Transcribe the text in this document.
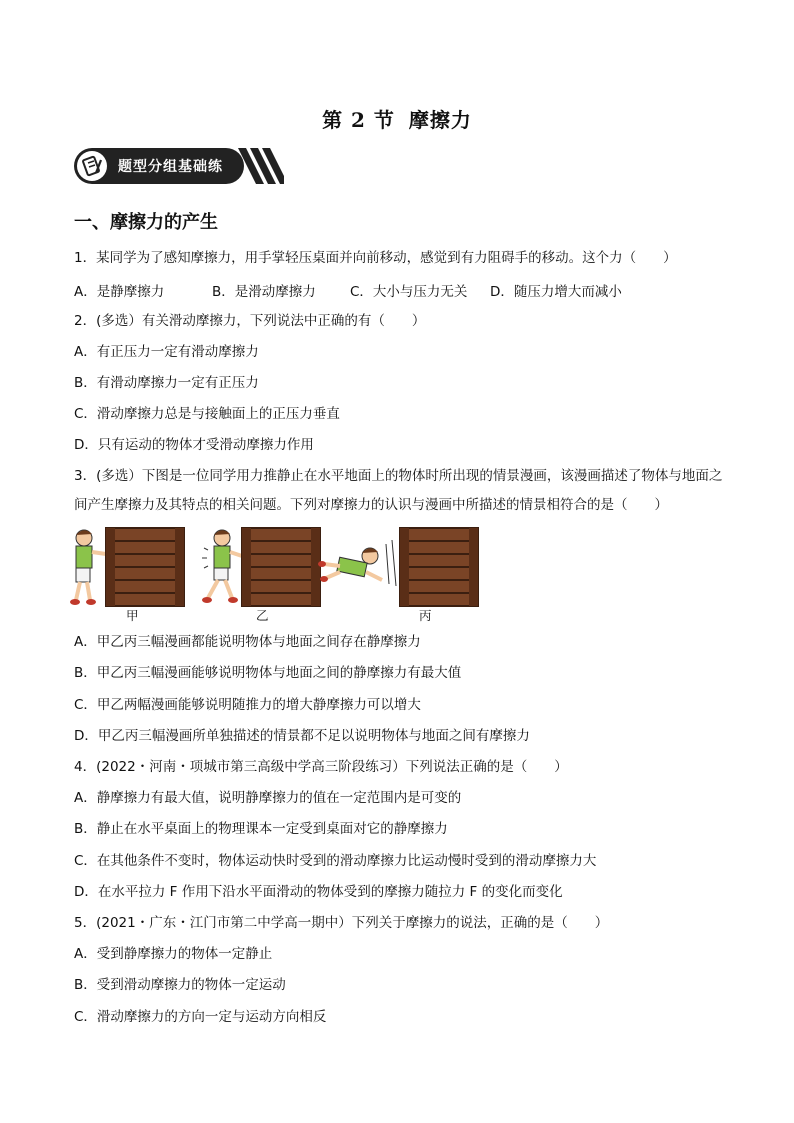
第 2 节 摩擦力
题型分组基础练
一、摩擦力的产生
1．某同学为了感知摩擦力，用手掌轻压桌面并向前移动，感觉到有力阻碍手的移动。这个力（　　）
A．是静摩擦力	B．是滑动摩擦力	C．大小与压力无关 D．随压力增大而减小
2．(多选）有关滑动摩擦力，下列说法中正确的有（　　）
A．有正压力一定有滑动摩擦力
B．有滑动摩擦力一定有正压力
C．滑动摩擦力总是与接触面上的正压力垂直
D．只有运动的物体才受滑动摩擦力作用
3．(多选）下图是一位同学用力推静止在水平地面上的物体时所出现的情景漫画，该漫画描述了物体与地面之间产生摩擦力及其特点的相关问题。下列对摩擦力的认识与漫画中所描述的情景相符合的是（　　）
甲	乙	丙
A．甲乙丙三幅漫画都能说明物体与地面之间存在静摩擦力
B．甲乙丙三幅漫画能够说明物体与地面之间的静摩擦力有最大值
C．甲乙两幅漫画能够说明随推力的增大静摩擦力可以增大
D．甲乙丙三幅漫画所单独描述的情景都不足以说明物体与地面之间有摩擦力
4．(2022・河南・项城市第三高级中学高三阶段练习）下列说法正确的是（　　）
A．静摩擦力有最大值，说明静摩擦力的值在一定范围内是可变的
B．静止在水平桌面上的物理课本一定受到桌面对它的静摩擦力
C．在其他条件不变时，物体运动快时受到的滑动摩擦力比运动慢时受到的滑动摩擦力大
D．在水平拉力 F 作用下沿水平面滑动的物体受到的摩擦力随拉力 F 的变化而变化
5．(2021・广东・江门市第二中学高一期中）下列关于摩擦力的说法，正确的是（　　）
A．受到静摩擦力的物体一定静止
B．受到滑动摩擦力的物体一定运动
C．滑动摩擦力的方向一定与运动方向相反
